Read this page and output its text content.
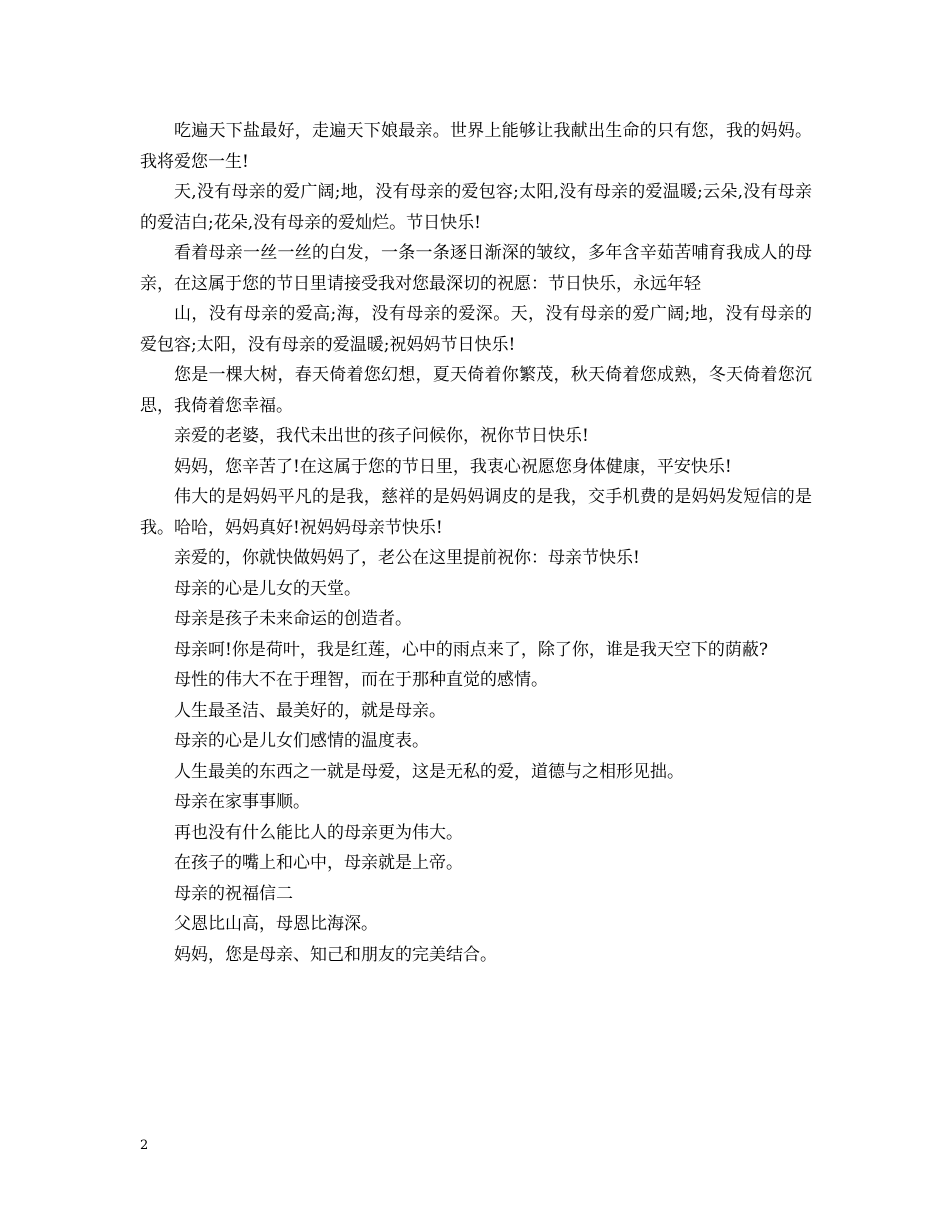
吃遍天下盐最好，走遍天下娘最亲。世界上能够让我献出生命的只有您，我的妈妈。我将爱您一生!

天,没有母亲的爱广阔;地，没有母亲的爱包容;太阳,没有母亲的爱温暖;云朵,没有母亲的爱洁白;花朵,没有母亲的爱灿烂。节日快乐!

看着母亲一丝一丝的白发，一条一条逐日渐深的皱纹，多年含辛茹苦哺育我成人的母亲，在这属于您的节日里请接受我对您最深切的祝愿：节日快乐，永远年轻

山，没有母亲的爱高;海，没有母亲的爱深。天，没有母亲的爱广阔;地，没有母亲的爱包容;太阳，没有母亲的爱温暖;祝妈妈节日快乐!

您是一棵大树，春天倚着您幻想，夏天倚着你繁茂，秋天倚着您成熟，冬天倚着您沉思，我倚着您幸福。

亲爱的老婆，我代未出世的孩子问候你，祝你节日快乐!

妈妈，您辛苦了!在这属于您的节日里，我衷心祝愿您身体健康，平安快乐!

伟大的是妈妈平凡的是我，慈祥的是妈妈调皮的是我，交手机费的是妈妈发短信的是我。哈哈，妈妈真好!祝妈妈母亲节快乐!

亲爱的，你就快做妈妈了，老公在这里提前祝你：母亲节快乐!

母亲的心是儿女的天堂。

母亲是孩子未来命运的创造者。

母亲呵!你是荷叶，我是红莲，心中的雨点来了，除了你，谁是我天空下的荫蔽?

母性的伟大不在于理智，而在于那种直觉的感情。

人生最圣洁、最美好的，就是母亲。

母亲的心是儿女们感情的温度表。

人生最美的东西之一就是母爱，这是无私的爱，道德与之相形见拙。

母亲在家事事顺。

再也没有什么能比人的母亲更为伟大。

在孩子的嘴上和心中，母亲就是上帝。

母亲的祝福信二

父恩比山高，母恩比海深。

妈妈，您是母亲、知己和朋友的完美结合。

2
